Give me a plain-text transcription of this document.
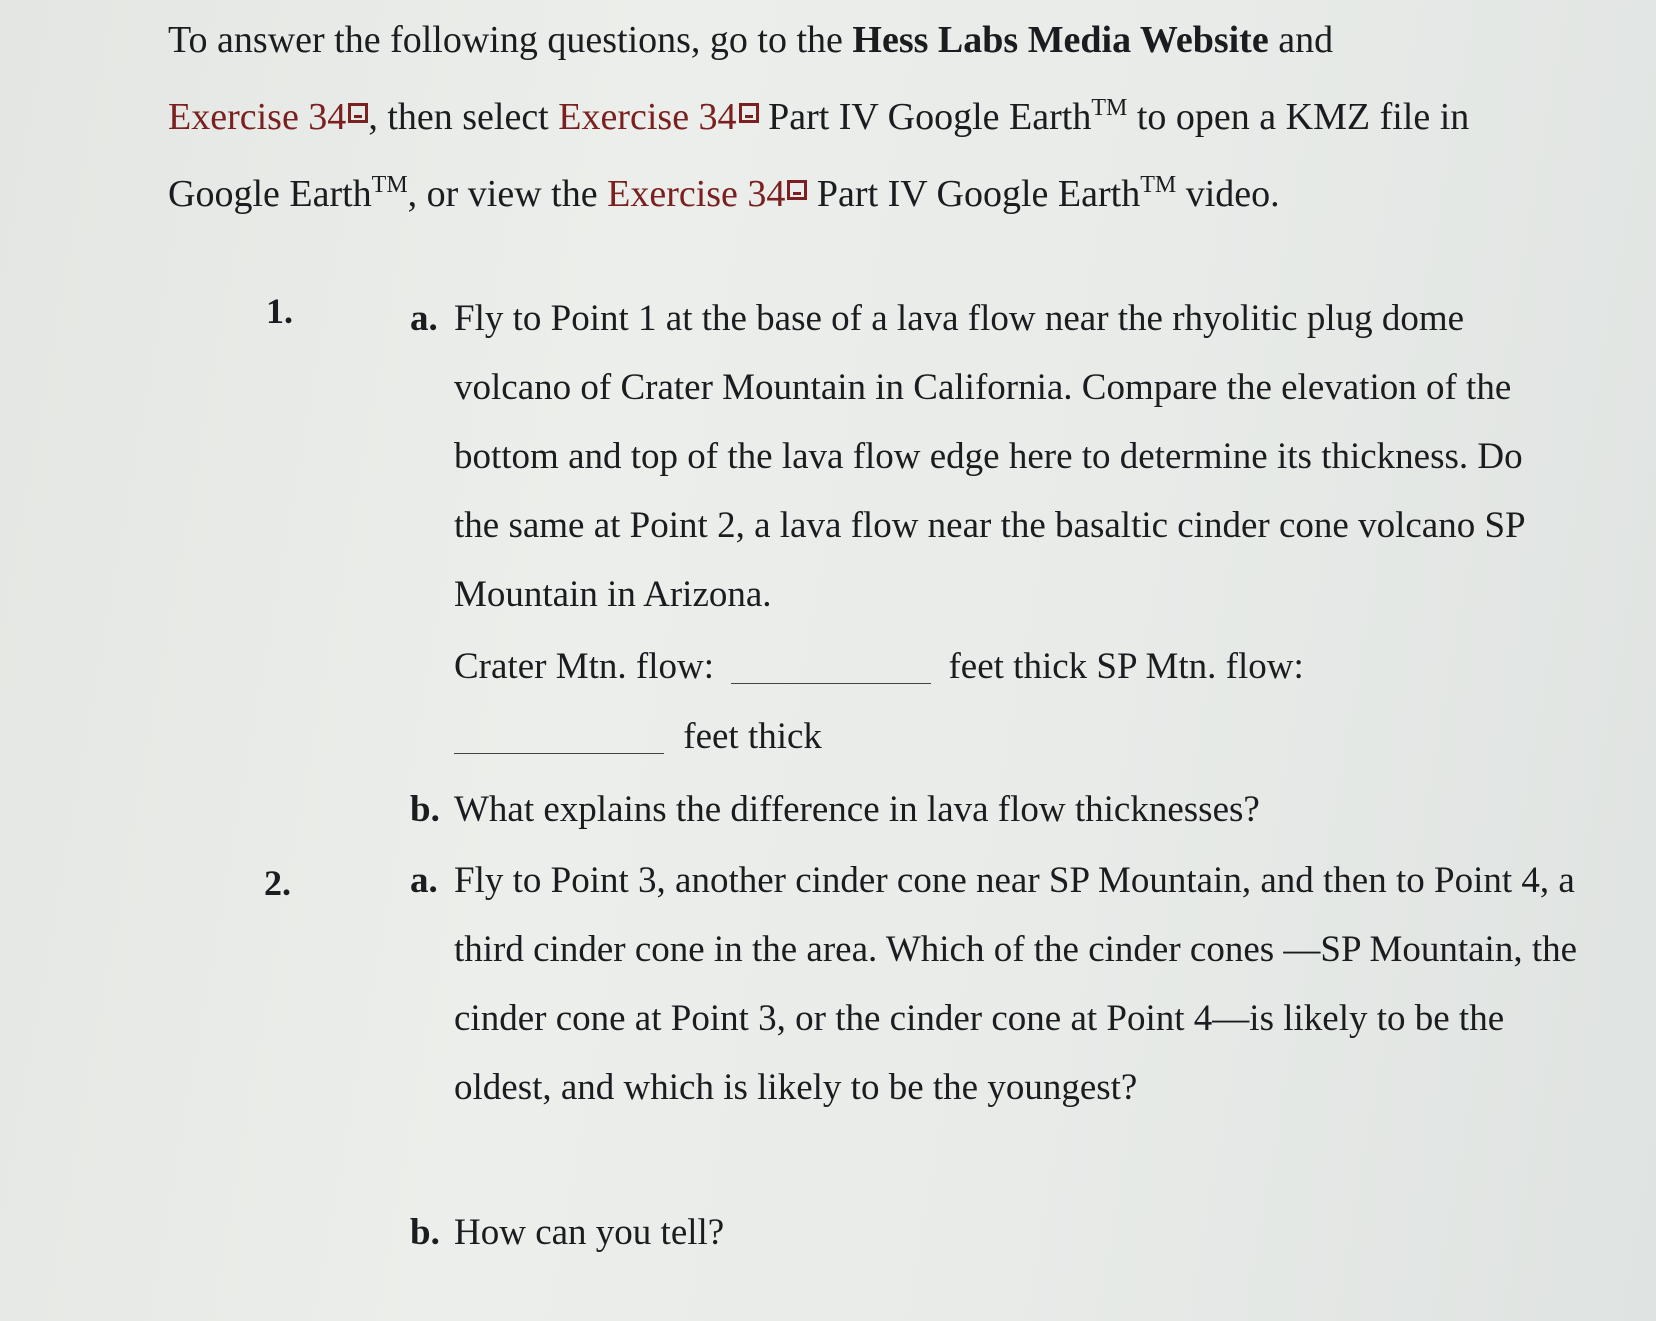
To answer the following questions, go to the Hess Labs Media Website and
Exercise 34 , then select Exercise 34 Part IV Google Earth™ to open a KMZ file in Google Earth™, or view the Exercise 34 Part IV Google Earth™ video.
1.	a. Fly to Point 1 at the base of a lava flow near the rhyolitic plug dome volcano of Crater Mountain in California. Compare the elevation of the bottom and top of the lava flow edge here to determine its thickness. Do the same at Point 2, a lava flow near the basaltic cinder cone volcano SP Mountain in Arizona.
Crater Mtn. flow:	feet thick SP Mtn. flow:
feet thick
b. What explains the difference in lava flow thicknesses?
2.	a. Fly to Point 3, another cinder cone near SP Mountain, and then to Point 4, a third cinder cone in the area. Which of the cinder cones —SP Mountain, the cinder cone at Point 3, or the cinder cone at Point 4—is likely to be the oldest, and which is likely to be the youngest?
b. How can you tell?
